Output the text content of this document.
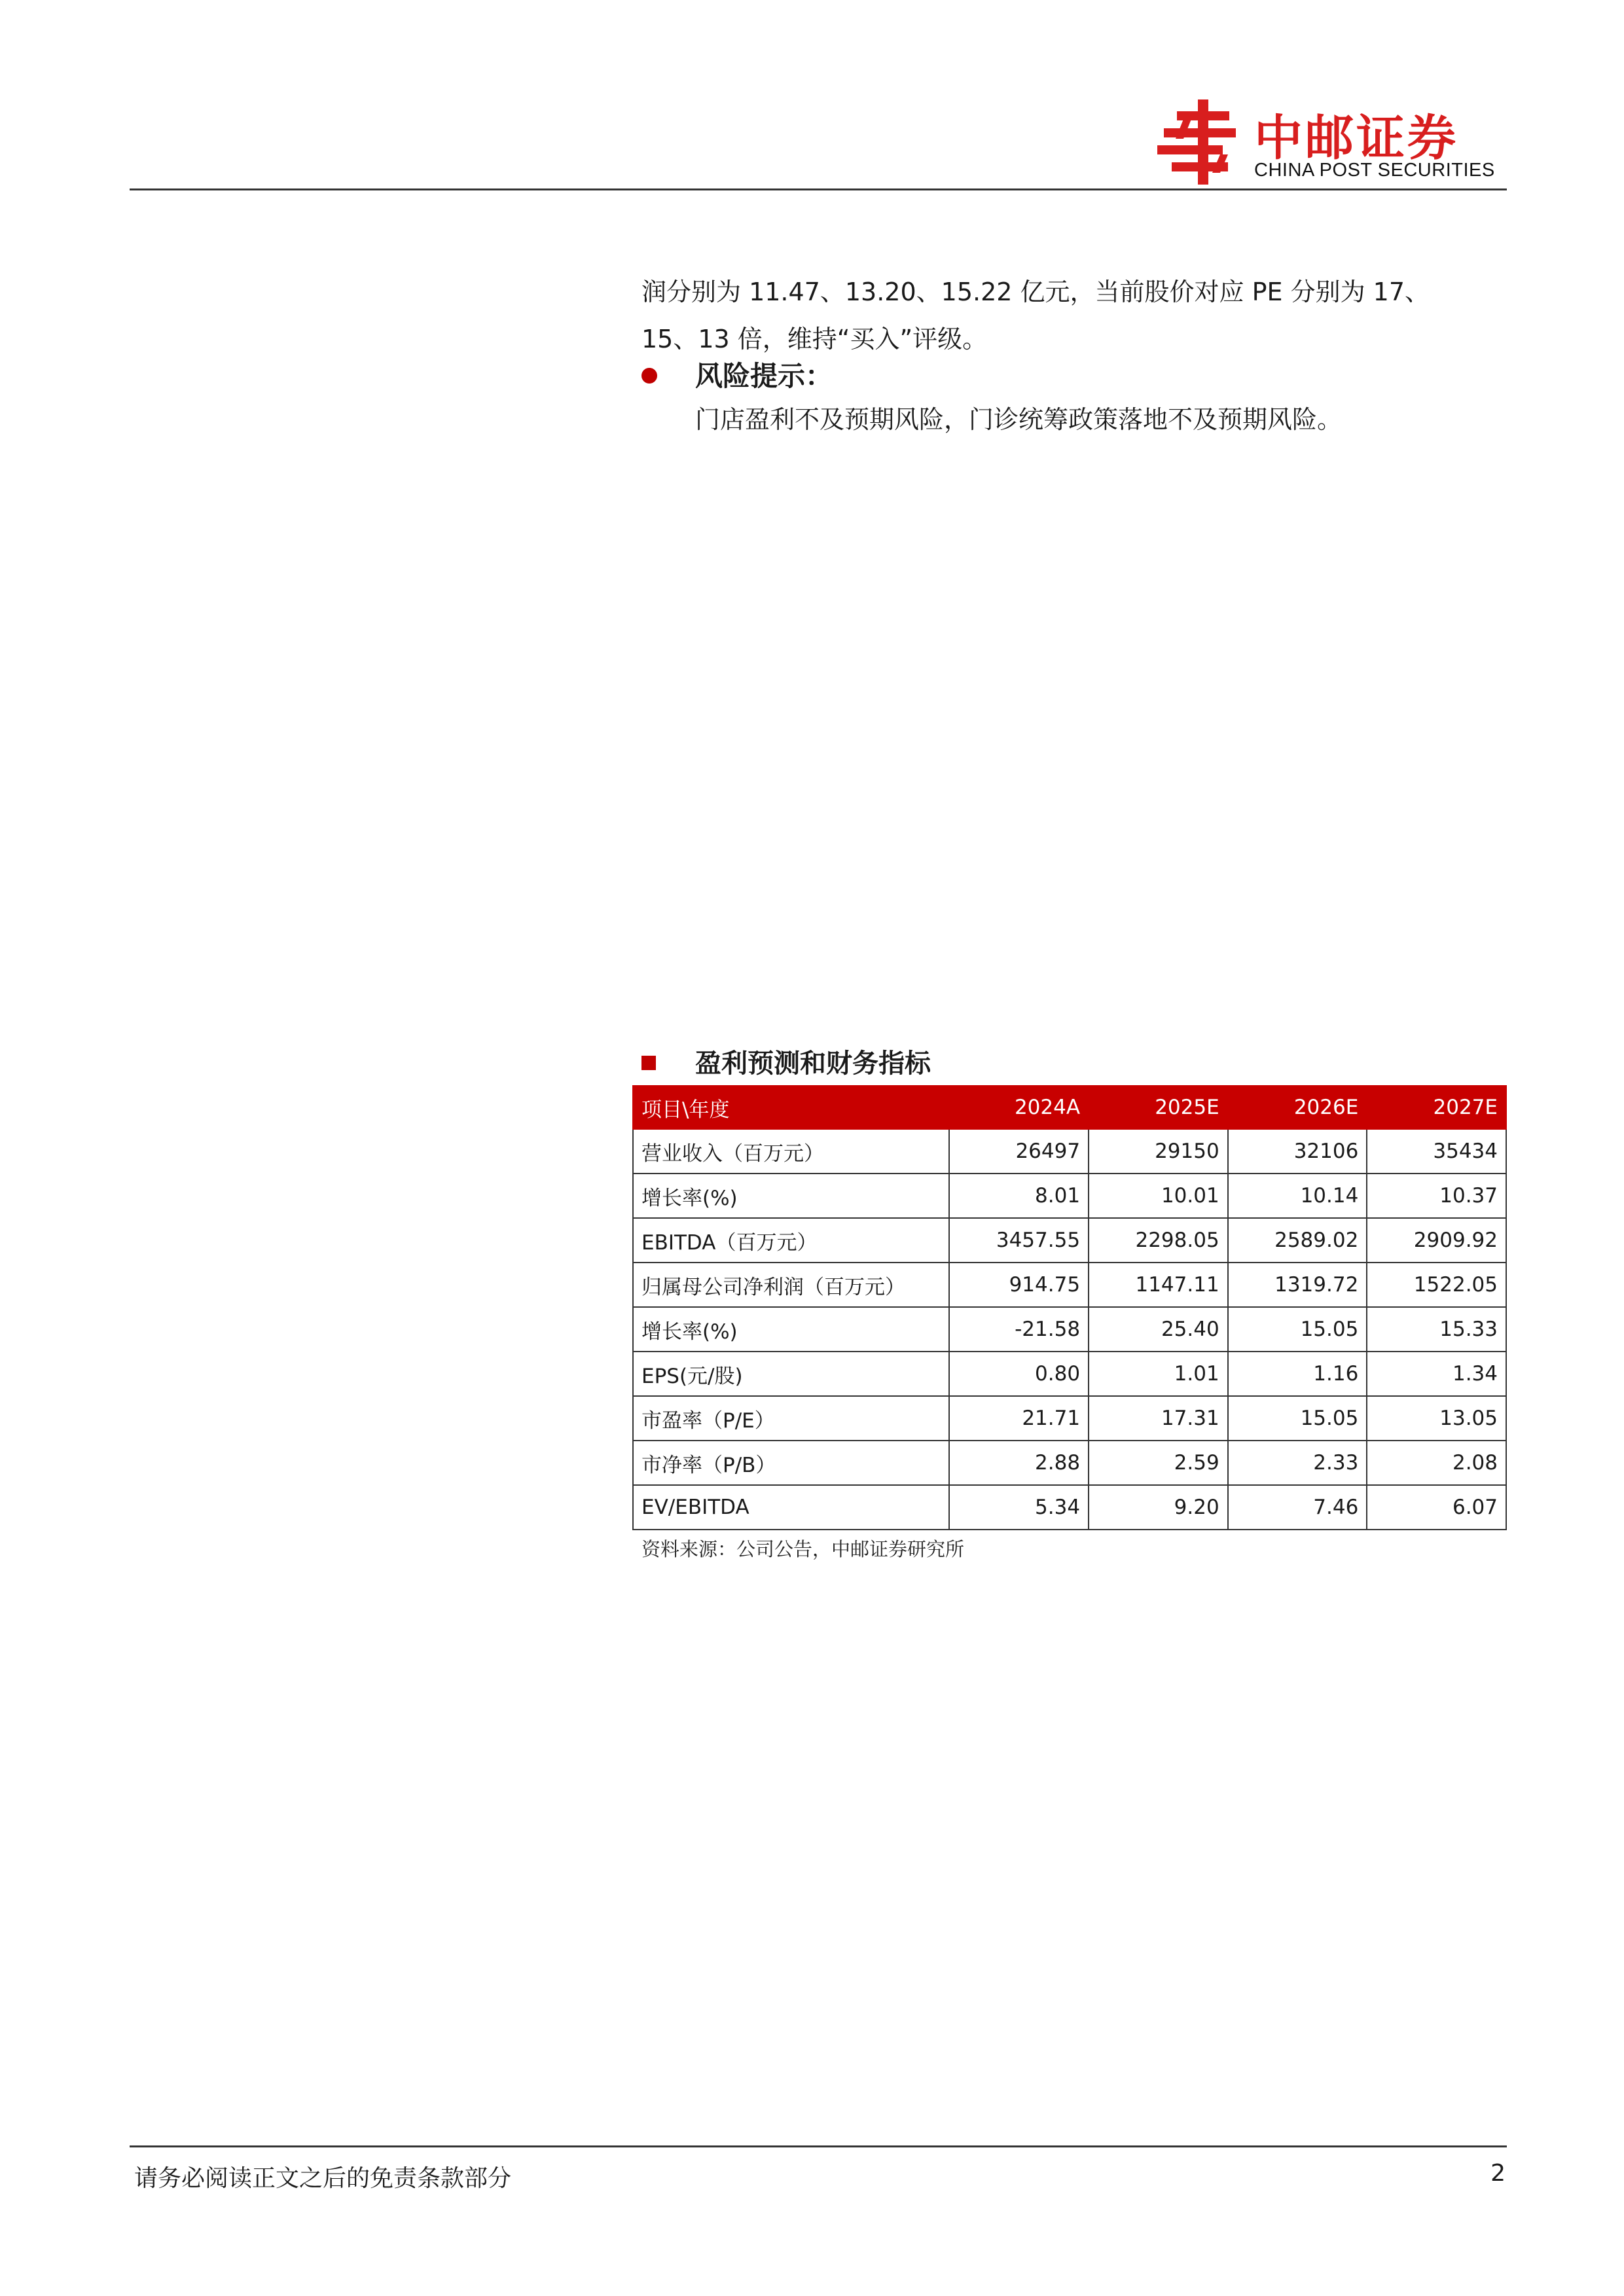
中邮证券
CHINA POST SECURITIES
润分别为 11.47、13.20、15.22 亿元，当前股价对应 PE 分别为 17、
15、13 倍，维持“买入”评级。
风险提示：
门店盈利不及预期风险，门诊统筹政策落地不及预期风险。
盈利预测和财务指标
项目\年度	2024A	2025E	2026E	2027E
营业收入（百万元）	26497	29150	32106	35434
增长率(%)	8.01	10.01	10.14	10.37
EBITDA（百万元）	3457.55	2298.05	2589.02	2909.92
归属母公司净利润（百万元）	914.75	1147.11	1319.72	1522.05
增长率(%)	-21.58	25.40	15.05	15.33
EPS(元/股)	0.80	1.01	1.16	1.34
市盈率（P/E）	21.71	17.31	15.05	13.05
市净率（P/B）	2.88	2.59	2.33	2.08
EV/EBITDA	5.34	9.20	7.46	6.07
资料来源：公司公告，中邮证券研究所
请务必阅读正文之后的免责条款部分	2
